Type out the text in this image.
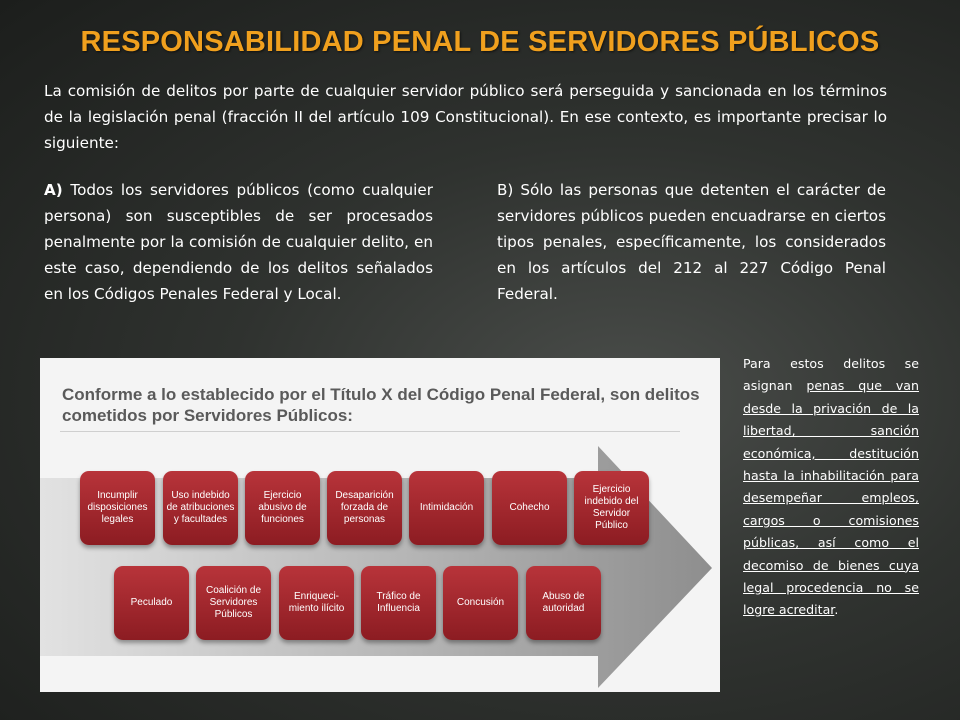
RESPONSABILIDAD PENAL DE SERVIDORES PÚBLICOS

La comisión de delitos por parte de cualquier servidor público será perseguida y sancionada en los términos de la legislación penal (fracción II del artículo 109 Constitucional). En ese contexto, es importante precisar lo siguiente:

A) Todos los servidores públicos (como cualquier persona) son susceptibles de ser procesados penalmente por la comisión de cualquier delito, en este caso, dependiendo de los delitos señalados en los Códigos Penales Federal y Local.

B) Sólo las personas que detenten el carácter de servidores públicos pueden encuadrarse en ciertos tipos penales, específicamente, los considerados en los artículos del 212 al 227 Código Penal Federal.

Conforme a lo establecido por el Título X del Código Penal Federal, son delitos cometidos por Servidores Públicos:

Incumplir disposiciones legales
Uso indebido de atribuciones y facultades
Ejercicio abusivo de funciones
Desaparición forzada de personas
Intimidación	Cohecho
Ejercicio indebido del Servidor Público
Peculado
Coalición de Servidores Públicos
Enriqueci-miento ilícito
Tráfico de Influencia
Concusión
Abuso de autoridad

Para estos delitos se asignan penas que van desde la privación de la libertad, sanción económica, destitución hasta la inhabilitación para desempeñar empleos, cargos o comisiones públicas, así como el decomiso de bienes cuya legal procedencia no se logre acreditar.
